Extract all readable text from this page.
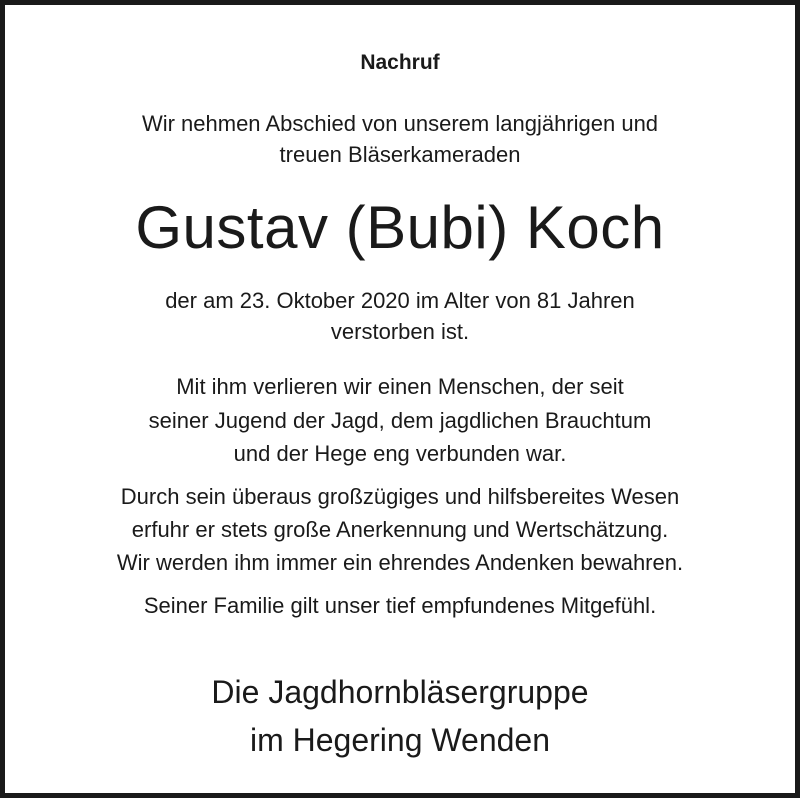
Nachruf
Wir nehmen Abschied von unserem langjährigen und
treuen Bläserkameraden
Gustav (Bubi) Koch
der am 23. Oktober 2020 im Alter von 81 Jahren
verstorben ist.
Mit ihm verlieren wir einen Menschen, der seit
seiner Jugend der Jagd, dem jagdlichen Brauchtum
und der Hege eng verbunden war.
Durch sein überaus großzügiges und hilfsbereites Wesen
erfuhr er stets große Anerkennung und Wertschätzung.
Wir werden ihm immer ein ehrendes Andenken bewahren.
Seiner Familie gilt unser tief empfundenes Mitgefühl.
Die Jagdhornbläsergruppe
im Hegering Wenden
